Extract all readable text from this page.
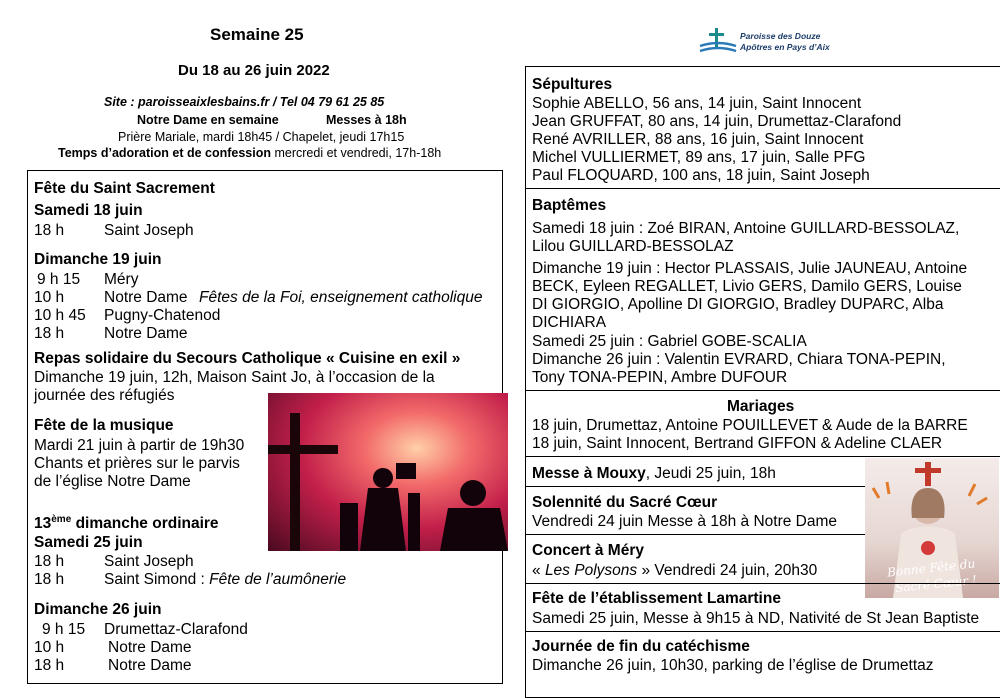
Semaine 25
Du 18 au 26 juin 2022
Site : paroisseaixlesbains.fr / Tel 04 79 61 25 85
Notre Dame en semaine	Messes à 18h
Prière Mariale, mardi 18h45 / Chapelet, jeudi 17h15
Temps d’adoration et de confession mercredi et vendredi, 17h-18h
Paroisse des Douze
Apôtres en Pays d’Aix
Fête du Saint Sacrement
Samedi 18 juin
18 h	Saint Joseph
Dimanche 19 juin
9 h 15 Méry
10 h	Notre Dame Fêtes de la Foi, enseignement catholique
10 h 45 Pugny-Chatenod
18 h	Notre Dame
Repas solidaire du Secours Catholique « Cuisine en exil »
Dimanche 19 juin, 12h, Maison Saint Jo, à l’occasion de la
journée des réfugiés
Fête de la musique
Mardi 21 juin à partir de 19h30
Chants et prières sur le parvis
de l’église Notre Dame
13ème dimanche ordinaire
Samedi 25 juin
18 h	Saint Joseph
18 h	Saint Simond : Fête de l’aumônerie
Dimanche 26 juin
9 h 15 Drumettaz-Clarafond
10 h	Notre Dame
18 h	Notre Dame
Sépultures
Sophie ABELLO, 56 ans, 14 juin, Saint Innocent
Jean GRUFFAT, 80 ans, 14 juin, Drumettaz-Clarafond
René AVRILLER, 88 ans, 16 juin, Saint Innocent
Michel VULLIERMET, 89 ans, 17 juin, Salle PFG
Paul FLOQUARD, 100 ans, 18 juin, Saint Joseph
Baptêmes
Samedi 18 juin : Zoé BIRAN, Antoine GUILLARD-BESSOLAZ,
Lilou GUILLARD-BESSOLAZ
Dimanche 19 juin : Hector PLASSAIS, Julie JAUNEAU, Antoine
BECK, Eyleen REGALLET, Livio GERS, Damilo GERS, Louise
DI GIORGIO, Apolline DI GIORGIO, Bradley DUPARC, Alba
DICHIARA
Samedi 25 juin : Gabriel GOBE-SCALIA
Dimanche 26 juin : Valentin EVRARD, Chiara TONA-PEPIN,
Tony TONA-PEPIN, Ambre DUFOUR
Mariages
18 juin, Drumettaz, Antoine POUILLEVET & Aude de la BARRE
18 juin, Saint Innocent, Bertrand GIFFON & Adeline CLAER
Messe à Mouxy, Jeudi 25 juin, 18h
Solennité du Sacré Cœur
Vendredi 24 juin Messe à 18h à Notre Dame
Bonne Fête du
Sacré Cœur !
Concert à Méry
« Les Polysons » Vendredi 24 juin, 20h30
Fête de l’établissement Lamartine
Samedi 25 juin, Messe à 9h15 à ND, Nativité de St Jean Baptiste
Journée de fin du catéchisme
Dimanche 26 juin, 10h30, parking de l’église de Drumettaz
